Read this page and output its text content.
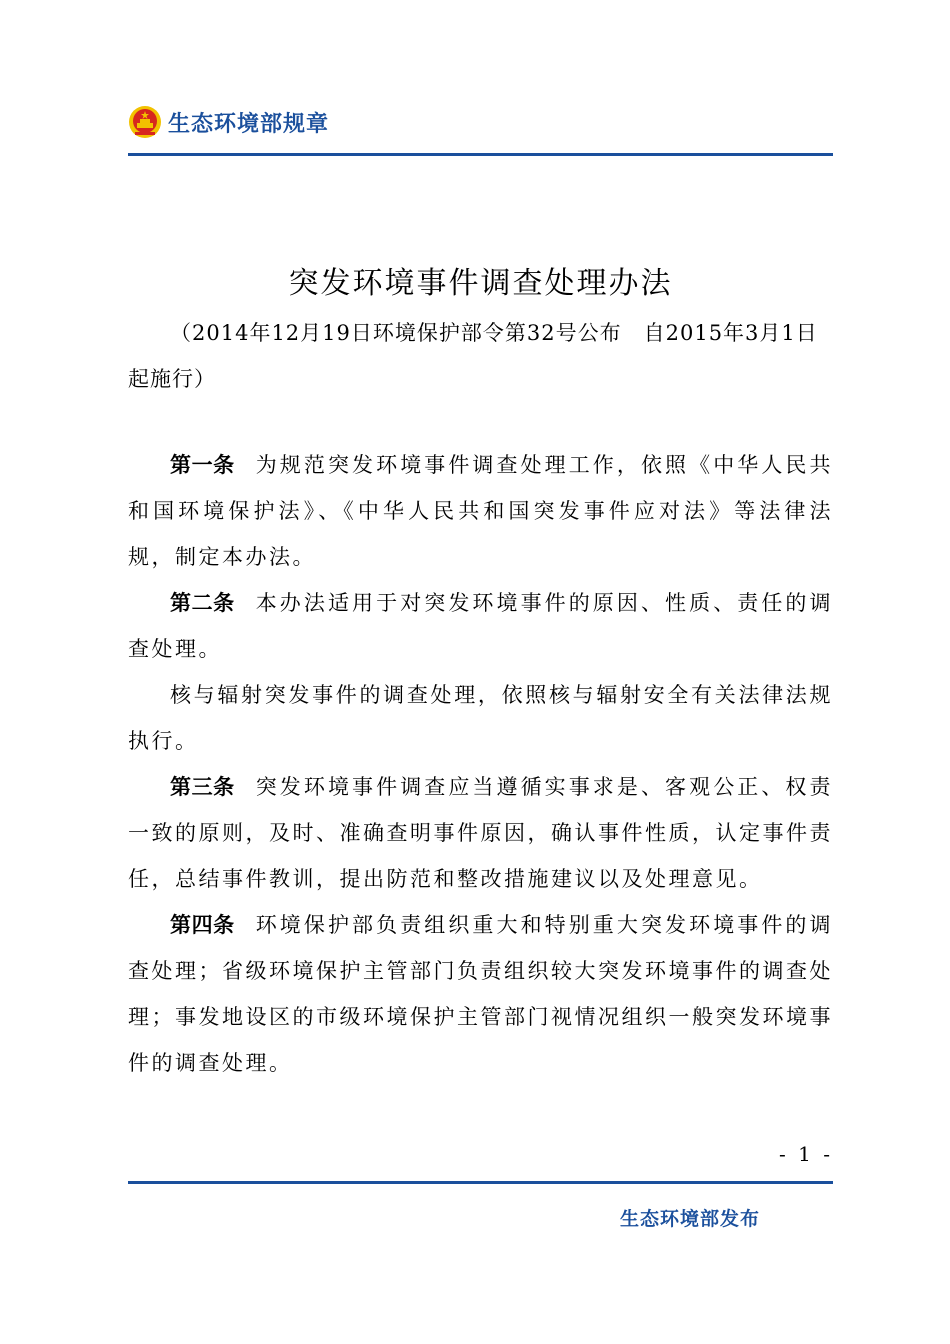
生态环境部规章
突发环境事件调查处理办法

（2014年12月19日环境保护部令第32号公布　自2015年3月1日起施行）

第一条 为规范突发环境事件调查处理工作，依照《中华人民共和国环境保护法》、《中华人民共和国突发事件应对法》等法律法规，制定本办法。

第二条 本办法适用于对突发环境事件的原因、性质、责任的调查处理。

核与辐射突发事件的调查处理，依照核与辐射安全有关法律法规执行。

第三条 突发环境事件调查应当遵循实事求是、客观公正、权责一致的原则，及时、准确查明事件原因，确认事件性质，认定事件责任，总结事件教训，提出防范和整改措施建议以及处理意见。

第四条 环境保护部负责组织重大和特别重大突发环境事件的调查处理；省级环境保护主管部门负责组织较大突发环境事件的调查处理；事发地设区的市级环境保护主管部门视情况组织一般突发环境事件的调查处理。

- 1 -
生态环境部发布
